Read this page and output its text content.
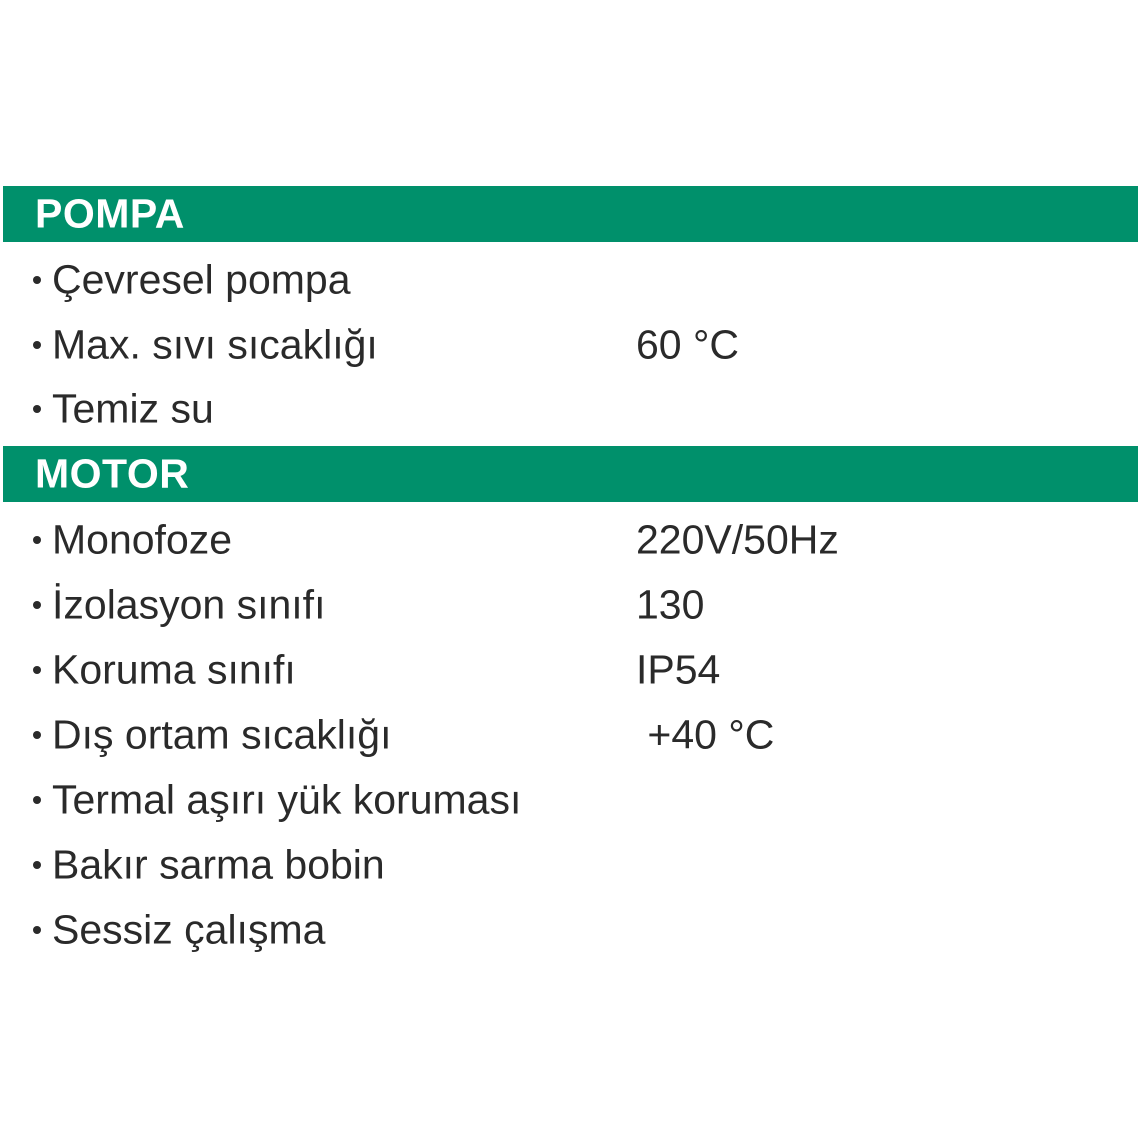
POMPA
Çevresel pompa
Max. sıvı sıcaklığı	60 °C
Temiz su
MOTOR
Monofoze	220V/50Hz
İzolasyon sınıfı	130
Koruma sınıfı	IP54
Dış ortam sıcaklığı	+40 °C
Termal aşırı yük koruması
Bakır sarma bobin
Sessiz çalışma
